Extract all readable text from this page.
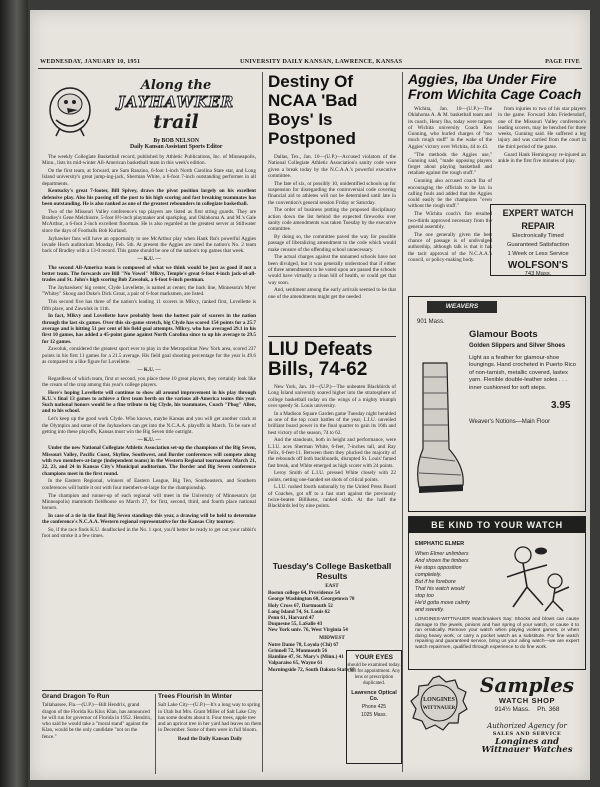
WEDNESDAY, JANUARY 10, 1951	UNIVERSITY DAILY KANSAN, LAWRENCE, KANSAS	PAGE FIVE
Along the
JAYHAWKER
trail
By BOB NELSON
Daily Kansan Assistant Sports Editor

The weekly Collegiate Basketball record, published by Athletic Publications, Inc. of Minneapolis, Minn., lists its mid-winter All-American basketball team in this week's edition.

On the first team, at forward, are Sam Ranzino, 6-foot 1-inch North Carolina State star, and Long Island university's great jump-ing-jack, Sherman White, a 6-foot 7-inch outstanding performer in all departments.

Kentucky's great 7-footer, Bill Spivey, draws the pivot position largely on his excellent defensive play. Also his passing off the post to his high scoring and fast breaking teammates has been outstanding. He is also ranked as one of the greatest rebounders in collegiate basketball.

Two of the Missouri Valley conference's top players are listed as first string guards. They are Bradley's Gene Melchiorre, 5-foot 8½-inch playmaker and sparkplug, and Oklahoma A. and M.'s Gale McArthur, a 6-foot 2-inch excellent floorman. He is also regarded as the greatest server at Stillwater since the days of Footballs Bob Kurland.

Jayhawker fans will have an opportunity to see McArthur play when Hank Iba's powerful Aggies invade Hoch auditorium Monday, Feb. 5th. At present the Aggies are rated the nation's No. 2 team back of Bradley with a 13-0 record. This game should be one of the nation's top games that week.

— K.U. —

The second All-America team is composed of what we think would be just as good if not a better team. The forwards are Bill "No Vowel" Mlkvy, Temple's great 6-foot 4-inch jack-of-all-trades and St. John's high scoring Bob Zawoluk, a 6-foot 6-inch postman.

The Jayhawkers' big center, Clyde Lovellette, is named at center, the back line, Minnesota's Myer "Whitey" Skoog and Duke's Dick Groat, a pair of 6-foot marksmen, are listed.

This second five has three of the nation's leading 11 scorers in Mlkvy, ranked first, Lovellette is fifth place, and Zawoluk in 11th.

In fact, Mlkvy and Lovellette have probably been the hottest pair of scorers in the nation through the last six games. Over this six-game stretch, big Clyde has scored 154 points for a 25.7 average and is hitting 51 per cent of his field goal attempts. Mlkvy, who has averaged 29.1 in his first 10 games, has added a 45-point game against North Carolina since to up his average to 29.5 for 12 games.

Zawoluk, considered the greatest sport ever to play in the Metropolitan New York area, scored 237 points in his first 11 games for a 21.5 average. His field goal shooting percentage for the year is 49.6 as compared to a like figure for Lovellette.

— K.U. —

Regardless of which team, first or second, you place these 10 great players, they certainly look like the cream of the crop among this year's college players.

Here's hoping Lovellette will continue to show all around improvement in his play through K.U.'s final 13 games to achieve a first team berth on the various all-America teams this year. Such national honors would be a fine tribute to big Clyde, his teammates, Coach "Phog" Allen, and to his school.

Let's keep up the good work Clyde. Who knows, maybe Kansas and you will get another crack at the Olympics and some of the Jayhawkers can get into the N.C.A.A. playoffs in March. To be sure of getting into these playoffs, Kansas must win the Big Seven title outright.

— K.U. —

Under the new National Collegiate Athletic Association set-up the champions of the Big Seven, Missouri Valley, Pacific Coast, Skyline, Southwest, and Border conferences will compete along with two members-at-large (independent teams) in the Western Regional tournament March 21, 22, 23, and 24 in Kansas City's Municipal auditorium. The Border and Big Seven conference champions meet in the first round.

In the Eastern Regional, winners of Eastern League, Big Ten, Southeastern, and Southern conferences will battle it out with four members-at-large for the championship.

The champion and runner-up of each regional will meet in the University of Minnesota's (at Minneapolis) mammoth fieldhouse on March 27, for first, second, third, and fourth place national honors.

In case of a tie in the final Big Seven standings this year, a drawing will be held to determine the conference's N.C.A.A. Western regional representative for the Kansas City tourney.

So, if the race finds K.U. deadlocked in the No. 1 spot, you'd better be ready to get out your rabbit's foot and stroke it a few times.

Grand Dragon To Run
Tallahassee, Fla.—(U.P.)—Bill Hendrix, grand dragon of the Florida Ku Klux Klan, has announced he will run for governor of Florida in 1952. Hendrix, who said he would take a "moral stand" against the Klan, would be the only candidate "not on the fence."
Trees Flourish In Winter
Salt Lake City—(U.P.)—It's a long way to spring in Utah but Mrs. Grant Miller of Salt Lake City has some doubts about it. Four trees, apple tree and an apricot tree in her yard had leaves on them in December. Some of them were in full bloom.
Read the Daily Kansan Daily
Destiny Of NCAA 'Bad Boys' Is Postponed

Dallas, Tex., Jan. 10—(U.P.)—Accused violators of the National Collegiate Athletic Association's sanity code were given a break today by the N.C.A.A.'s powerful executive committee.

The fate of six, or possibly 10, unidentified schools up for suspension for disregarding the controversial code covering financial aid to athletes will not be determined until late in the convention's general session Friday or Saturday.

The order of business putting the proposed disciplinary action down the list behind the expected fireworks over sanity code amendments was taken Tuesday by the executive committee.

By doing so, the committee paved the way for possible passage of liberalizing amendment to the code which would make censure of the offending school unnecessary.

The actual charges against the unnamed schools have not been divulged, but it was generally understood that if either of three amendments to be voted upon are passed the schools would have virtually a clean bill of health, or could get that way soon.

And, sentiment among the early arrivals seemed to be that one of the amendments might get the needed

LIU Defeats Bills, 74-62

New York, Jan. 10—(U.P.)—The unbeaten Blackbirds of Long Island university soared higher into the stratosphere of college basketball today on the wings of a mighty triumph over speedy St. Louis university.

In a Madison Square Garden game Tuesday night heralded as one of the top court battles of the year, L.I.U. unveiled brilliant board power in the final quarter to gain its 16th and best victory of the season, 74 to 62.

And the standouts, both in height and performance, were L.I.U. aces Sherman White, 6-feet, 7-inches tall, and Ray Felix, 6-feet-11. Between them they plucked the majority of the rebounds off both backboards, disrupted St. Louis' famed fast break, and White emerged as high scorer with 24 points.

Leroy Smith of L.I.U. pressed White closely with 22 points, netting one-handed set shots of critical points.

L.I.U. rushed fourth nationally by the United Press Board of Coaches, got off to a fast start against the previously twice-beaten Billikens, ranked sixth. At the half the Blackbirds led by nine points.

Tuesday's College Basketball Results
EAST

Boston college 64, Providence 54

George Washington 60, Georgetown 70

Holy Cross 67, Dartmouth 52

Long Island 74, St. Louis 62

Penn 61, Harvard 47

Duquesne 55, LaSalle 43

New York univ. 76, West Virginia 54

MIDWEST

Notre Dame 70, Loyola (Chi) 67

Grinnell 72, Monmouth 56

Hamline 47, St. Mary's (Minn.) 41

Valparaiso 65, Wayne 61

Morningside 72, South Dakota State 68

YOUR EYES
should be examined today. Call for appointment. Any lens or prescription duplicated.
Lawrence Optical Co.
Phone 425
1025 Mass.
Aggies, Iba Under Fire From Wichita Cage Coach

Wichita, Jan. 10—(U.P.)—The Oklahoma A. & M. basketball team and its coach, Henry Iba, today were targets of Wichita university Coach Ken Gunning, who hurled charges of "too much rough stuff" in the wake of the Aggies' victory over Wichita, 44 to 43.

"The methods the Aggies use," Gunning said, "made opposing players forget about playing basketball and retaliate against the rough stuff."

Gunning also accused coach Iba of encouraging the officials to be lax in calling fouls and added that the Aggies could easily be the champions "even without the rough stuff."

The Wichita coach's fire resulted two-thirds approved necessary from the general assembly.

The one generally given the best chance of passage is of undivulged authorship, although talk is that it has the tacit approval of the N.C.A.A.'s council, or policy-making body.

from injuries to two of his star players in the game. Forward John Friedersdorf, one of the Missouri Valley conference's leading scorers, may be benched for three weeks, Gunning said. He suffered a leg injury and was carried from the court in the third period of the game.

Guard Hank Hemingway re-injured an ankle in the first five minutes of play.

EXPERT WATCH
REPAIR
Electronically Timed
Guaranteed Satisfaction
1 Week or Less Service
WOLFSON'S
743 Mass.
WEAVERS
901 Mass.
Glamour Boots
Golden Slippers and Silver Shoes
Light as a feather for glamour-shoe loungings. Hand crocheted in Puerto Rico of non-tarnish, metallic covered, lastex yarn. Flexible double-leather soles . . . inner cushioned for soft steps.
3.95
Weaver's Notions—Main Floor
BE KIND TO YOUR WATCH
EMPHATIC ELMER
When Elmer unlimbers
And shows the timbers
He stops opposition
completely.
But if he forebore
That his watch would
stop too
He'd gotta move calmly
and sweetly.
LONGINES-WITTNAUER Watchmakers Say: Shocks and blows can cause damage to the jewels, pinions and hair spring of your watch, or cause it to run erratically. Remove your watch when playing violent games, or when doing heavy work, or carry a pocket watch as a substitute. For fine watch repairing and guaranteed service, bring us your ailing watch—we are expert watch repairmen, qualified through experience to do fine work.
LONGINES
WITTNAUER
Samples
WATCH SHOP
914½ Mass. Ph. 368
Authorized Agency for
SALES AND SERVICE
Longines and Wittnauer Watches
